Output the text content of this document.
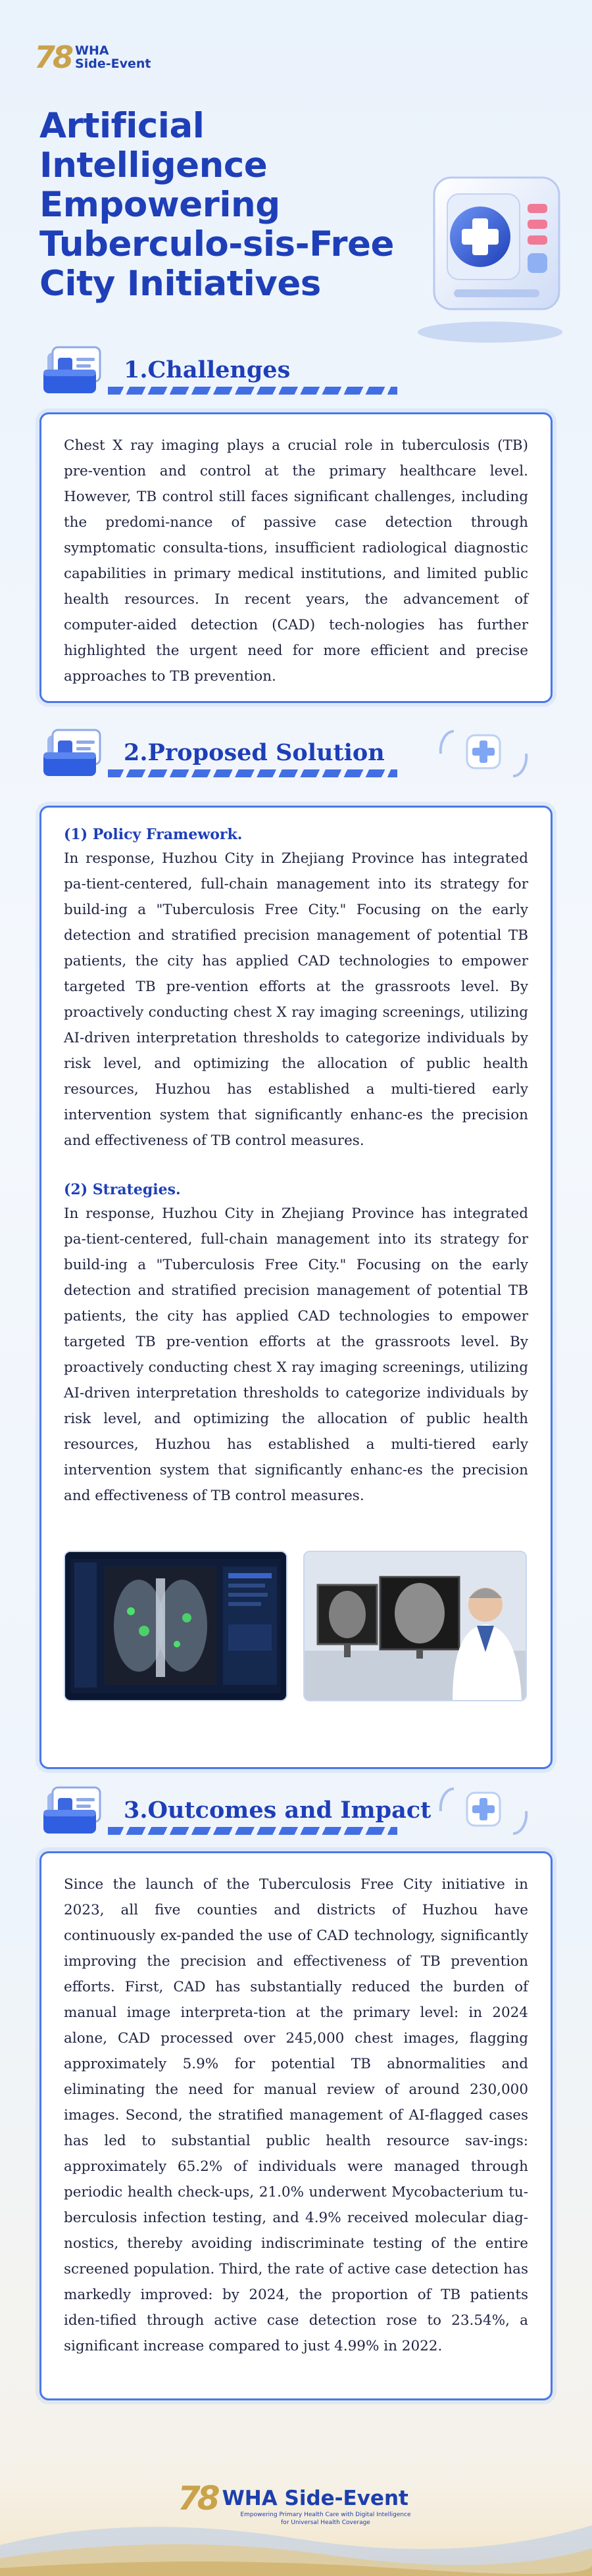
78 WHA
Side-Event
Artificial Intelligence Empowering Tuberculo-sis-Free City Initiatives
1.Challenges
Chest X ray imaging plays a crucial role in tuberculosis (TB) pre-vention and control at the primary healthcare level. However, TB control still faces significant challenges, including the predomi-nance of passive case detection through symptomatic consulta-tions, insufficient radiological diagnostic capabilities in primary medical institutions, and limited public health resources. In recent years, the advancement of computer-aided detection (CAD) tech-nologies has further highlighted the urgent need for more efficient and precise approaches to TB prevention.
2.Proposed Solution
(1) Policy Framework.
In response, Huzhou City in Zhejiang Province has integrated pa-tient-centered, full-chain management into its strategy for build-ing a "Tuberculosis Free City." Focusing on the early detection and stratified precision management of potential TB patients, the city has applied CAD technologies to empower targeted TB pre-vention efforts at the grassroots level. By proactively conducting chest X ray imaging screenings, utilizing AI-driven interpretation thresholds to categorize individuals by risk level, and optimizing the allocation of public health resources, Huzhou has established a multi-tiered early intervention system that significantly enhanc-es the precision and effectiveness of TB control measures.
(2) Strategies.
In response, Huzhou City in Zhejiang Province has integrated pa-tient-centered, full-chain management into its strategy for build-ing a "Tuberculosis Free City." Focusing on the early detection and stratified precision management of potential TB patients, the city has applied CAD technologies to empower targeted TB pre-vention efforts at the grassroots level. By proactively conducting chest X ray imaging screenings, utilizing AI-driven interpretation thresholds to categorize individuals by risk level, and optimizing the allocation of public health resources, Huzhou has established a multi-tiered early intervention system that significantly enhanc-es the precision and effectiveness of TB control measures.
3.Outcomes and Impact
Since the launch of the Tuberculosis Free City initiative in 2023, all five counties and districts of Huzhou have continuously ex-panded the use of CAD technology, significantly improving the precision and effectiveness of TB prevention efforts. First, CAD has substantially reduced the burden of manual image interpreta-tion at the primary level: in 2024 alone, CAD processed over 245,000 chest images, flagging approximately 5.9% for potential TB abnormalities and eliminating the need for manual review of around 230,000 images. Second, the stratified management of AI-flagged cases has led to substantial public health resource sav-ings: approximately 65.2% of individuals were managed through periodic health check-ups, 21.0% underwent Mycobacterium tu-berculosis infection testing, and 4.9% received molecular diag-nostics, thereby avoiding indiscriminate testing of the entire screened population. Third, the rate of active case detection has markedly improved: by 2024, the proportion of TB patients iden-tified through active case detection rose to 23.54%, a significant increase compared to just 4.99% in 2022.
78 WHA Side-Event
Empowering Primary Health Care with Digital Intelligence
for Universal Health Coverage
